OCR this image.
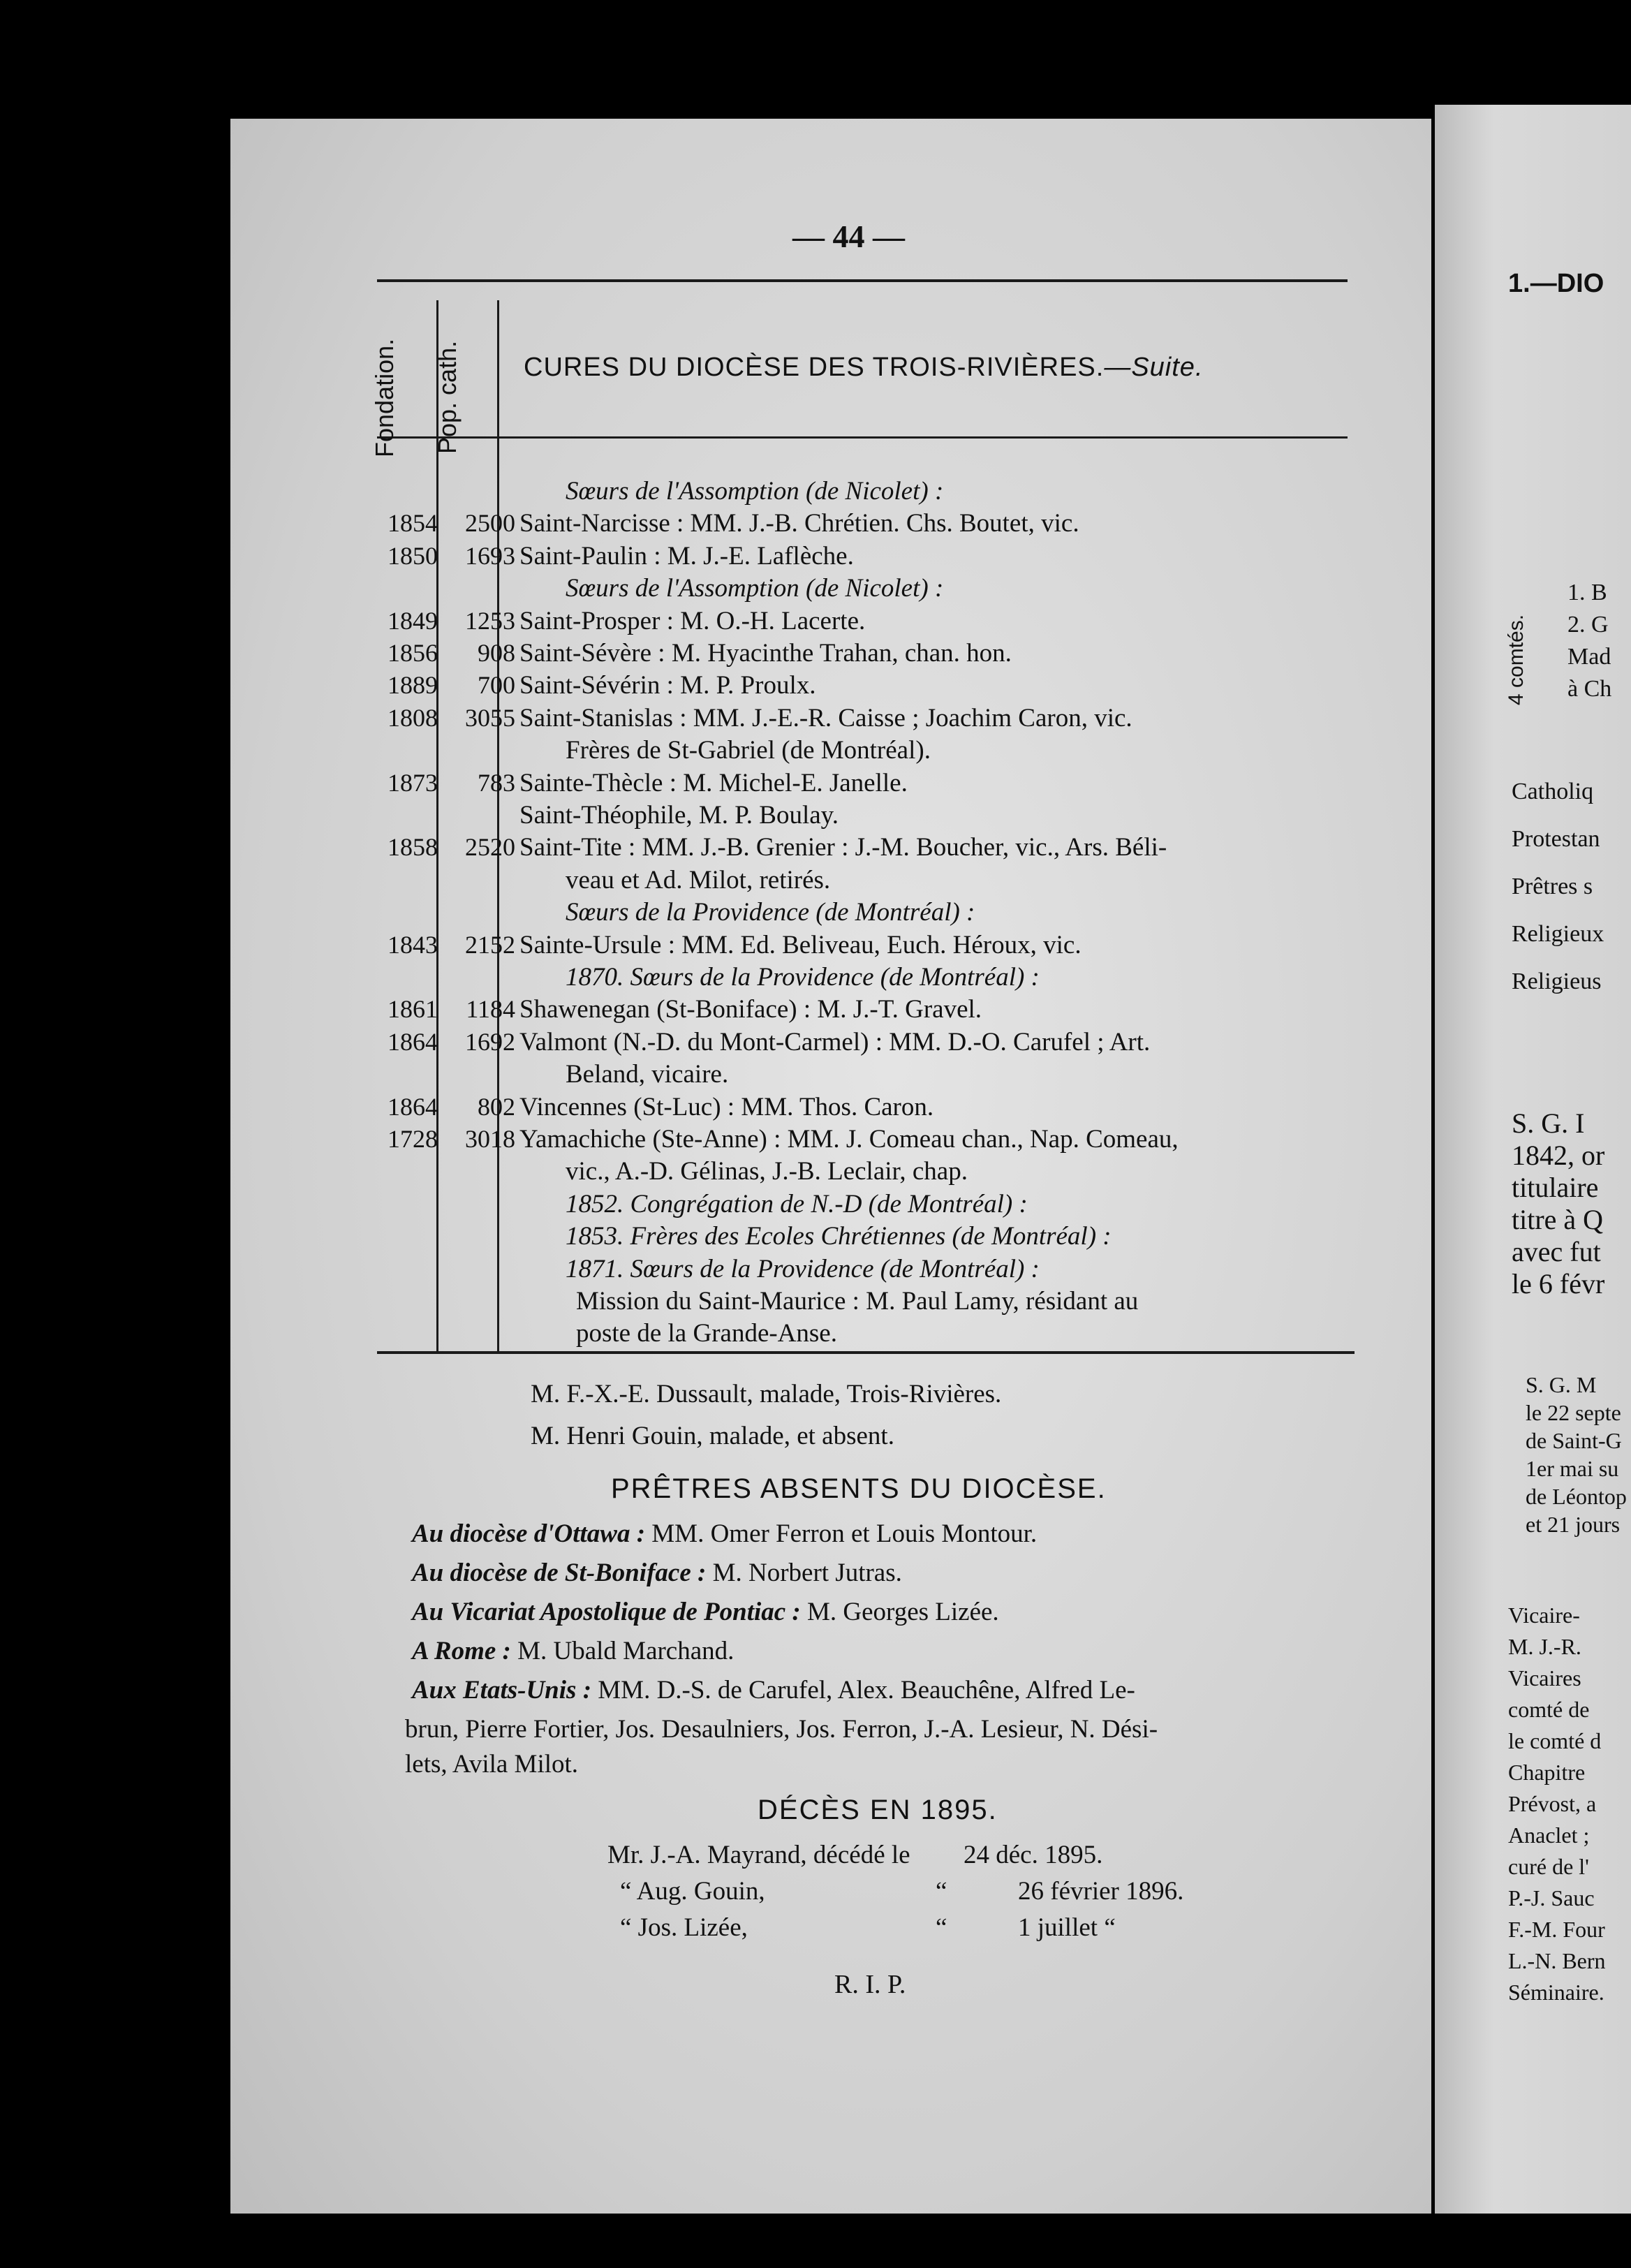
— 44 —
Fondation. Pop. cath. CURES DU DIOCÈSE DES TROIS-RIVIÈRES.—Suite.
Sœurs de l'Assomption (de Nicolet) :
1854	2500 Saint-Narcisse : MM. J.-B. Chrétien. Chs. Boutet, vic.
1850	1693 Saint-Paulin : M. J.-E. Laflèche.
Sœurs de l'Assomption (de Nicolet) :
1849	1253 Saint-Prosper : M. O.-H. Lacerte.
1856	908 Saint-Sévère : M. Hyacinthe Trahan, chan. hon.
1889	700 Saint-Sévérin : M. P. Proulx.
1808	3055 Saint-Stanislas : MM. J.-E.-R. Caisse ; Joachim Caron, vic.
Frères de St-Gabriel (de Montréal).
1873	783 Sainte-Thècle : M. Michel-E. Janelle.
Saint-Théophile, M. P. Boulay.
1858	2520 Saint-Tite : MM. J.-B. Grenier : J.-M. Boucher, vic., Ars. Béli-
veau et Ad. Milot, retirés.
Sœurs de la Providence (de Montréal) :
1843	2152 Sainte-Ursule : MM. Ed. Beliveau, Euch. Héroux, vic.
1870. Sœurs de la Providence (de Montréal) :
1861	1184 Shawenegan (St-Boniface) : M. J.-T. Gravel.
1864	1692 Valmont (N.-D. du Mont-Carmel) : MM. D.-O. Carufel ; Art.
Beland, vicaire.
1864	802 Vincennes (St-Luc) : MM. Thos. Caron.
1728	3018 Yamachiche (Ste-Anne) : MM. J. Comeau chan., Nap. Comeau,
vic., A.-D. Gélinas, J.-B. Leclair, chap.
1852. Congrégation de N.-D (de Montréal) :
1853. Frères des Ecoles Chrétiennes (de Montréal) :
1871. Sœurs de la Providence (de Montréal) :
Mission du Saint-Maurice : M. Paul Lamy, résidant au
poste de la Grande-Anse.
M. F.-X.-E. Dussault, malade, Trois-Rivières.
M. Henri Gouin, malade, et absent.
PRÊTRES ABSENTS DU DIOCÈSE.
Au diocèse d'Ottawa : MM. Omer Ferron et Louis Montour.
Au diocèse de St-Boniface : M. Norbert Jutras.
Au Vicariat Apostolique de Pontiac : M. Georges Lizée.
A Rome : M. Ubald Marchand.
Aux Etats-Unis : MM. D.-S. de Carufel, Alex. Beauchêne, Alfred Le-
brun, Pierre Fortier, Jos. Desaulniers, Jos. Ferron, J.-A. Lesieur, N. Dési-
lets, Avila Milot.
DÉCÈS EN 1895.
Mr. J.-A. Mayrand, décédé le 24 déc. 1895.
“ Aug. Gouin,	“	26 février 1896.
“ Jos. Lizée,	“	1 juillet “
R. I. P.
1.—DIO
4 comtés.
1. B
2. G
Mad
à Ch
Catholiq
Protestan
Prêtres s
Religieux
Religieus
S. G. I
1842, or
titulaire
titre à Q
avec fut
le 6 févr
S. G. M
le 22 septe
de Saint-G
1er mai su
de Léontop
et 21 jours
Vicaire-
M. J.-R.
Vicaires
comté de
le comté d
Chapitre
Prévost, a
Anaclet ;
curé de l'
P.-J. Sauc
F.-M. Four
L.-N. Bern
Séminaire.
